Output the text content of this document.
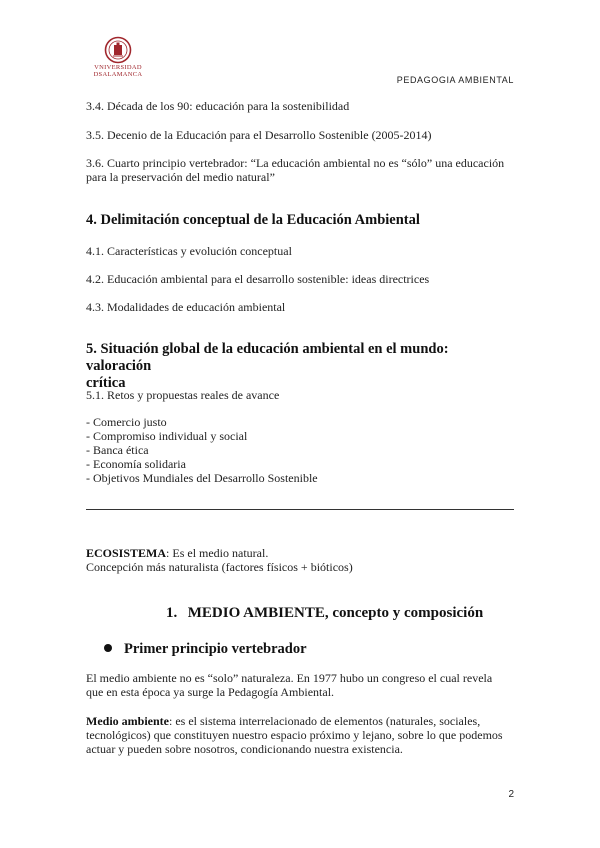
VNIVERSIDAD
DSALAMANCA
PEDAGOGIA AMBIENTAL

3.4. Década de los 90: educación para la sostenibilidad

3.5. Decenio de la Educación para el Desarrollo Sostenible (2005-2014)

3.6. Cuarto principio vertebrador: “La educación ambiental no es “sólo” una educación

para la preservación del medio natural”

4. Delimitación conceptual de la Educación Ambiental

4.1. Características y evolución conceptual

4.2. Educación ambiental para el desarrollo sostenible: ideas directrices

4.3. Modalidades de educación ambiental

5. Situación global de la educación ambiental en el mundo: valoración

crítica

5.1. Retos y propuestas reales de avance

- Comercio justo
- Compromiso individual y social
- Banca ética
- Economía solidaria
- Objetivos Mundiales del Desarrollo Sostenible

ECOSISTEMA: Es el medio natural.

Concepción más naturalista (factores físicos + bióticos)

1. MEDIO AMBIENTE, concepto y composición
Primer principio vertebrador

El medio ambiente no es “solo” naturaleza. En 1977 hubo un congreso el cual revela

que en esta época ya surge la Pedagogía Ambiental.

Medio ambiente: es el sistema interrelacionado de elementos (naturales, sociales,

tecnológicos) que constituyen nuestro espacio próximo y lejano, sobre lo que podemos

actuar y pueden sobre nosotros, condicionando nuestra existencia.

2
